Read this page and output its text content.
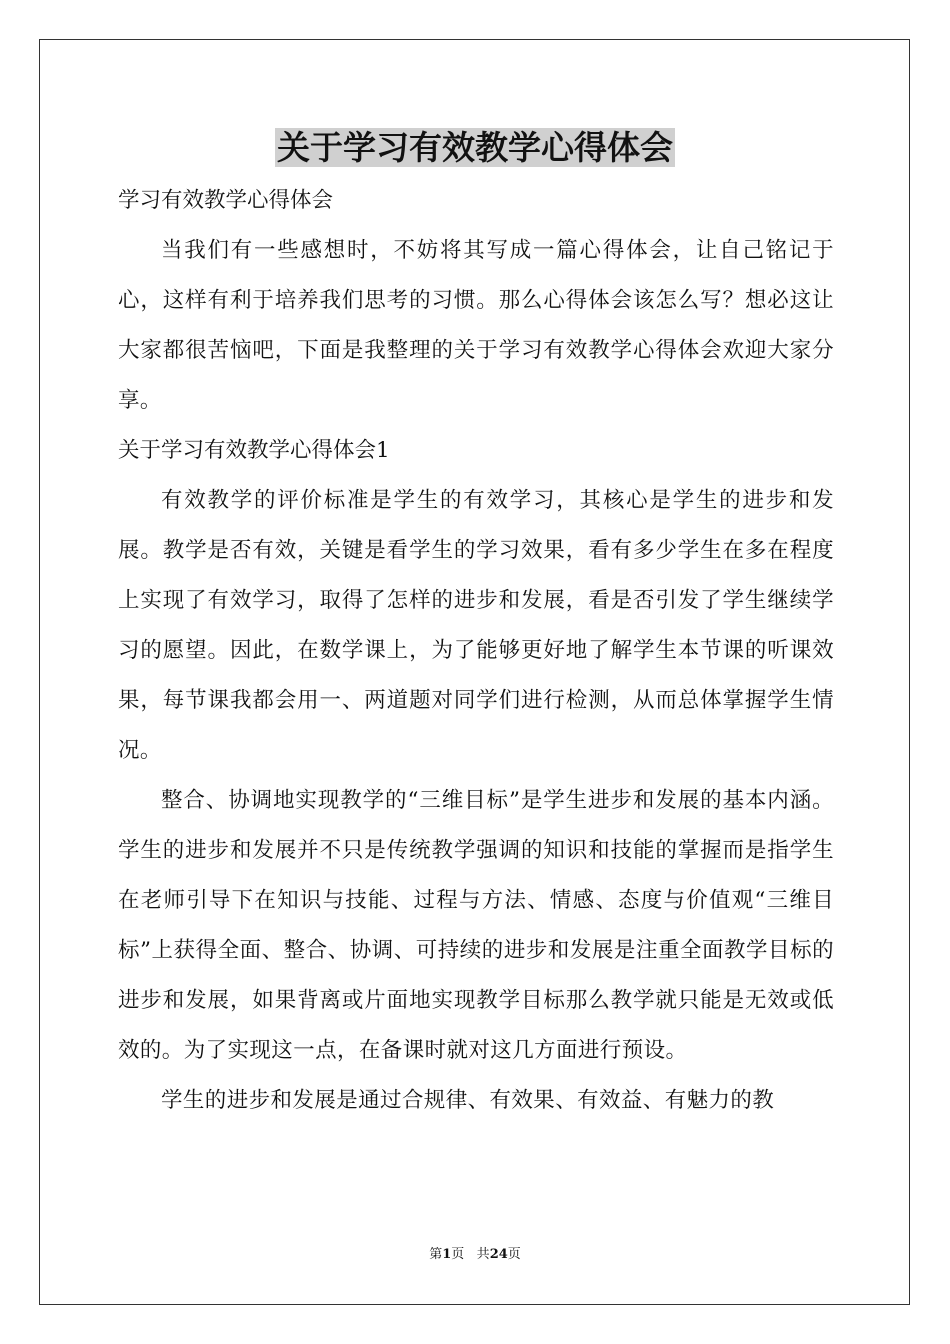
关于学习有效教学心得体会
学习有效教学心得体会
当我们有一些感想时，不妨将其写成一篇心得体会，让自己铭记于心，这样有利于培养我们思考的习惯。那么心得体会该怎么写？想必这让大家都很苦恼吧，下面是我整理的关于学习有效教学心得体会欢迎大家分享。
关于学习有效教学心得体会1
有效教学的评价标准是学生的有效学习，其核心是学生的进步和发展。教学是否有效，关键是看学生的学习效果，看有多少学生在多在程度上实现了有效学习，取得了怎样的进步和发展，看是否引发了学生继续学习的愿望。因此，在数学课上，为了能够更好地了解学生本节课的听课效果，每节课我都会用一、两道题对同学们进行检测，从而总体掌握学生情况。
整合、协调地实现教学的“三维目标”是学生进步和发展的基本内涵。学生的进步和发展并不只是传统教学强调的知识和技能的掌握而是指学生在老师引导下在知识与技能、过程与方法、情感、态度与价值观“三维目标”上获得全面、整合、协调、可持续的进步和发展是注重全面教学目标的进步和发展，如果背离或片面地实现教学目标那么教学就只能是无效或低效的。为了实现这一点，在备课时就对这几方面进行预设。
学生的进步和发展是通过合规律、有效果、有效益、有魅力的教
第1页 共24页
